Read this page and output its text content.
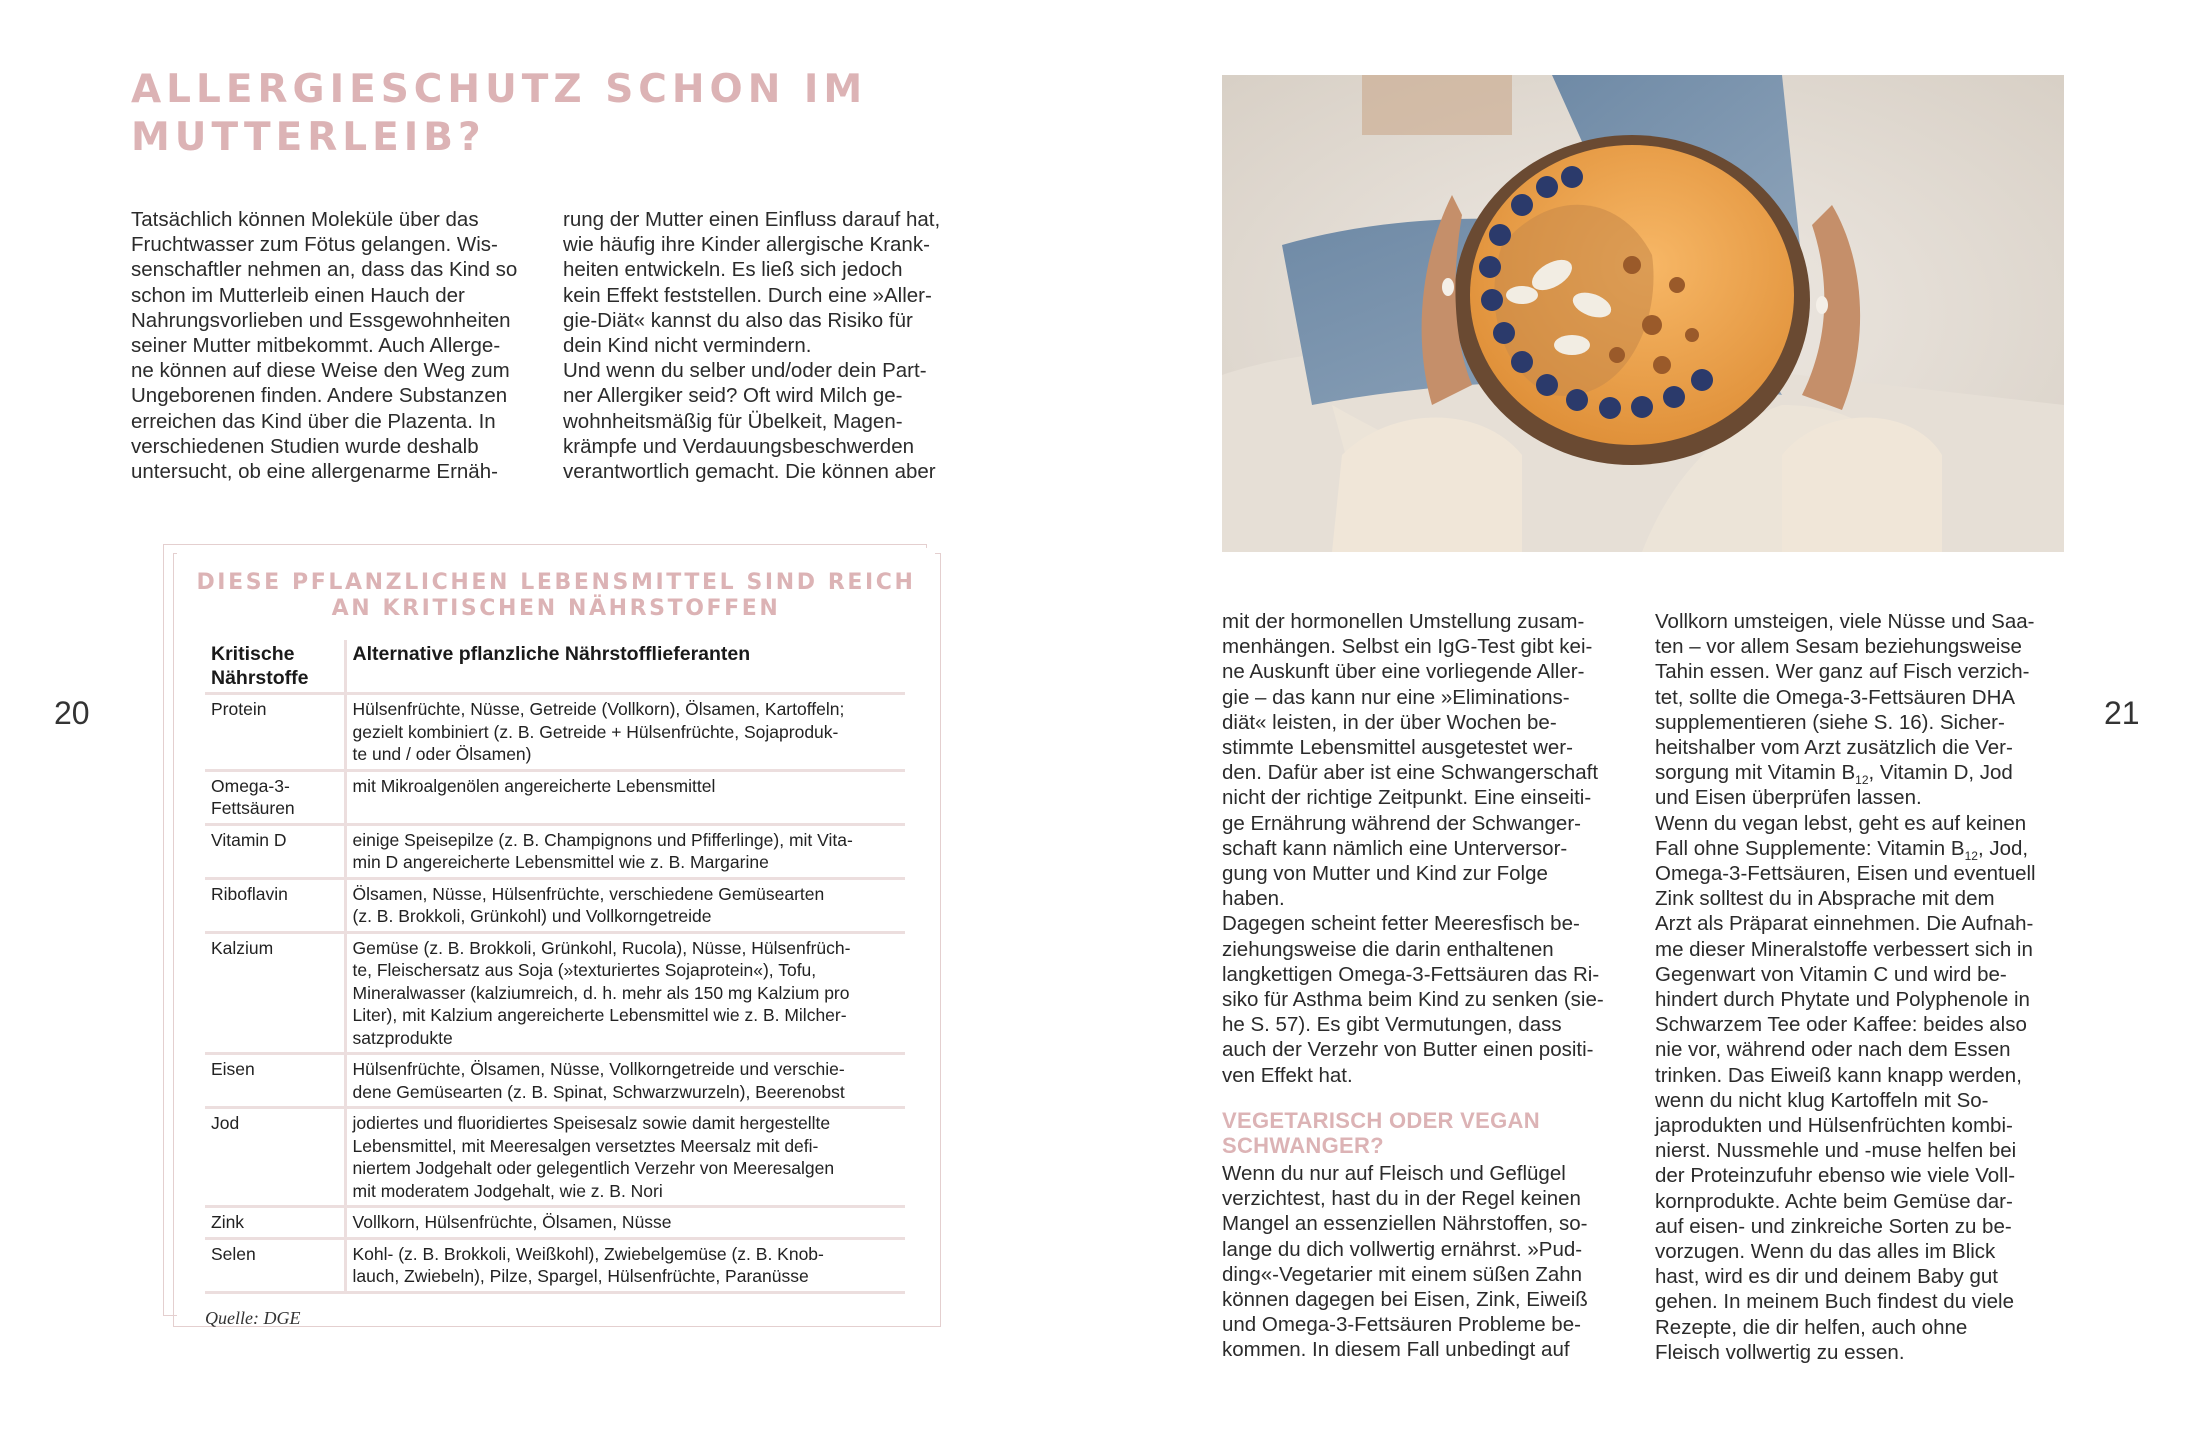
ALLERGIESCHUTZ SCHON IM
MUTTERLEIB?
Tatsächlich können Moleküle über das
Fruchtwasser zum Fötus gelangen. Wis-
senschaftler nehmen an, dass das Kind so
schon im Mutterleib einen Hauch der
Nahrungsvorlieben und Essgewohnheiten
seiner Mutter mitbekommt. Auch Allerge-
ne können auf diese Weise den Weg zum
Ungeborenen finden. Andere Substanzen
erreichen das Kind über die Plazenta. In
verschiedenen Studien wurde deshalb
untersucht, ob eine allergenarme Ernäh-
rung der Mutter einen Einfluss darauf hat,
wie häufig ihre Kinder allergische Krank-
heiten entwickeln. Es ließ sich jedoch
kein Effekt feststellen. Durch eine »Aller-
gie-Diät« kannst du also das Risiko für
dein Kind nicht vermindern.
Und wenn du selber und/oder dein Part-
ner Allergiker seid? Oft wird Milch ge-
wohnheitsmäßig für Übelkeit, Magen-
krämpfe und Verdauungsbeschwerden
verantwortlich gemacht. Die können aber
20	21
DIESE PFLANZLICHEN LEBENSMITTEL SIND REICH
AN KRITISCHEN NÄHRSTOFFEN
Kritische
Nährstoffe	Alternative pflanzliche Nährstofflieferanten
Protein	Hülsenfrüchte, Nüsse, Getreide (Vollkorn), Ölsamen, Kartoffeln;
gezielt kombiniert (z. B. Getreide + Hülsenfrüchte, Sojaproduk-
te und / oder Ölsamen)
Omega-3-
Fettsäuren	mit Mikroalgenölen angereicherte Lebensmittel
Vitamin D	einige Speisepilze (z. B. Champignons und Pfifferlinge), mit Vita-
min D angereicherte Lebensmittel wie z. B. Margarine
Riboflavin	Ölsamen, Nüsse, Hülsenfrüchte, verschiedene Gemüsearten
(z. B. Brokkoli, Grünkohl) und Vollkorngetreide
Kalzium	Gemüse (z. B. Brokkoli, Grünkohl, Rucola), Nüsse, Hülsenfrüch-
te, Fleischersatz aus Soja (»texturiertes Sojaprotein«), Tofu,
Mineralwasser (kalziumreich, d. h. mehr als 150 mg Kalzium pro
Liter), mit Kalzium angereicherte Lebensmittel wie z. B. Milcher-
satzprodukte
Eisen	Hülsenfrüchte, Ölsamen, Nüsse, Vollkorngetreide und verschie-
dene Gemüsearten (z. B. Spinat, Schwarzwurzeln), Beerenobst
Jod	jodiertes und fluoridiertes Speisesalz sowie damit hergestellte
Lebensmittel, mit Meeresalgen versetztes Meersalz mit defi-
niertem Jodgehalt oder gelegentlich Verzehr von Meeresalgen
mit moderatem Jodgehalt, wie z. B. Nori
Zink	Vollkorn, Hülsenfrüchte, Ölsamen, Nüsse
Selen	Kohl- (z. B. Brokkoli, Weißkohl), Zwiebelgemüse (z. B. Knob-
lauch, Zwiebeln), Pilze, Spargel, Hülsenfrüchte, Paranüsse
Quelle: DGE
mit der hormonellen Umstellung zusam-
menhängen. Selbst ein IgG-Test gibt kei-
ne Auskunft über eine vorliegende Aller-
gie – das kann nur eine »Eliminations-
diät« leisten, in der über Wochen be-
stimmte Lebensmittel ausgetestet wer-
den. Dafür aber ist eine Schwangerschaft
nicht der richtige Zeitpunkt. Eine einseiti-
ge Ernährung während der Schwanger-
schaft kann nämlich eine Unterversor-
gung von Mutter und Kind zur Folge
haben.
Dagegen scheint fetter Meeresfisch be-
ziehungsweise die darin enthaltenen
langkettigen Omega-3-Fettsäuren das Ri-
siko für Asthma beim Kind zu senken (sie-
he S. 57). Es gibt Vermutungen, dass
auch der Verzehr von Butter einen positi-
ven Effekt hat.
VEGETARISCH ODER VEGAN
SCHWANGER?
Wenn du nur auf Fleisch und Geflügel
verzichtest, hast du in der Regel keinen
Mangel an essenziellen Nährstoffen, so-
lange du dich vollwertig ernährst. »Pud-
ding«-Vegetarier mit einem süßen Zahn
können dagegen bei Eisen, Zink, Eiweiß
und Omega-3-Fettsäuren Probleme be-
kommen. In diesem Fall unbedingt auf
Vollkorn umsteigen, viele Nüsse und Saa-
ten – vor allem Sesam beziehungsweise
Tahin essen. Wer ganz auf Fisch verzich-
tet, sollte die Omega-3-Fettsäuren DHA
supplementieren (siehe S. 16). Sicher-
heitshalber vom Arzt zusätzlich die Ver-
sorgung mit Vitamin $B_{12}$, Vitamin D, Jod
und Eisen überprüfen lassen.
Wenn du vegan lebst, geht es auf keinen
Fall ohne Supplemente: Vitamin $B_{12}$, Jod,
Omega-3-Fettsäuren, Eisen und eventuell
Zink solltest du in Absprache mit dem
Arzt als Präparat einnehmen. Die Aufnah-
me dieser Mineralstoffe verbessert sich in
Gegenwart von Vitamin C und wird be-
hindert durch Phytate und Polyphenole in
Schwarzem Tee oder Kaffee: beides also
nie vor, während oder nach dem Essen
trinken. Das Eiweiß kann knapp werden,
wenn du nicht klug Kartoffeln mit So-
japrodukten und Hülsenfrüchten kombi-
nierst. Nussmehle und -muse helfen bei
der Proteinzufuhr ebenso wie viele Voll-
kornprodukte. Achte beim Gemüse dar-
auf eisen- und zinkreiche Sorten zu be-
vorzugen. Wenn du das alles im Blick
hast, wird es dir und deinem Baby gut
gehen. In meinem Buch findest du viele
Rezepte, die dir helfen, auch ohne
Fleisch vollwertig zu essen.
